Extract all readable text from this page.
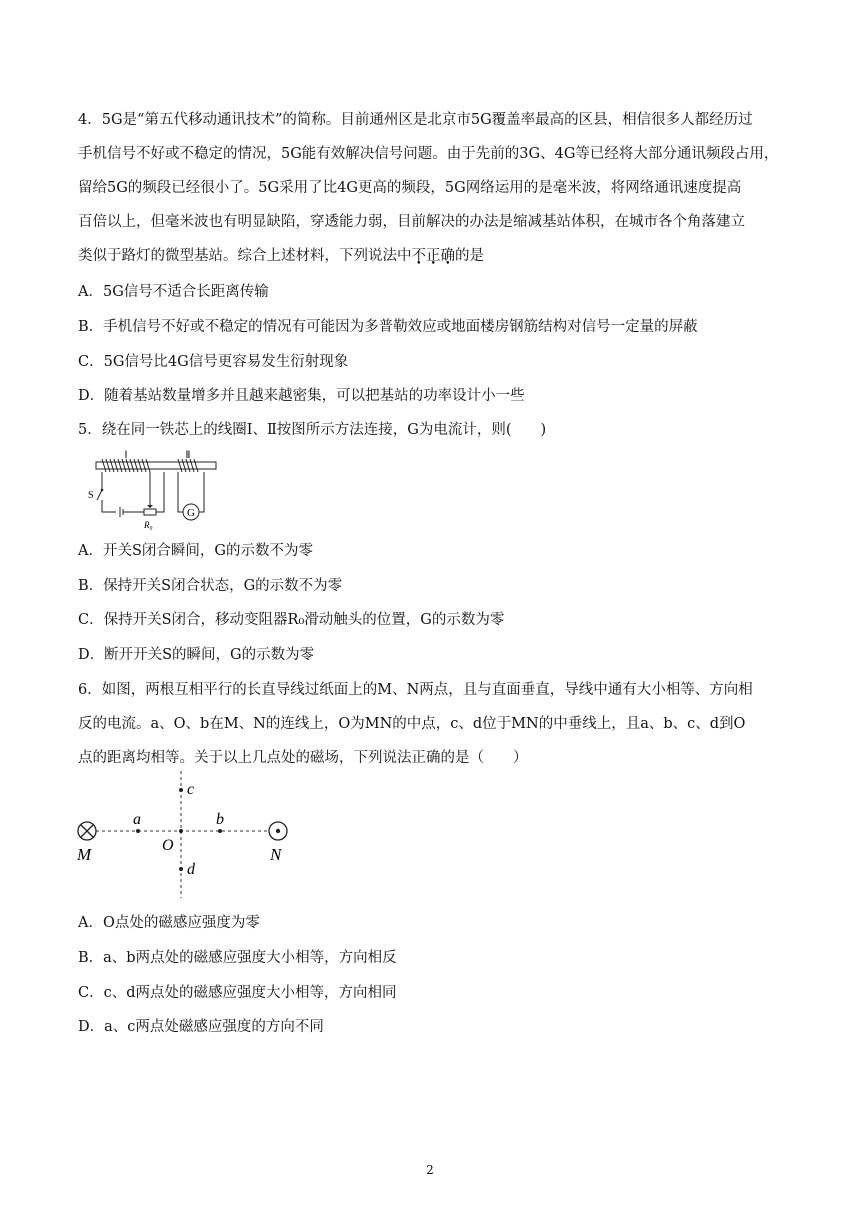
4．5G是“第五代移动通讯技术”的简称。目前通州区是北京市5G覆盖率最高的区县，相信很多人都经历过
手机信号不好或不稳定的情况，5G能有效解决信号问题。由于先前的3G、4G等已经将大部分通讯频段占用，
留给5G的频段已经很小了。5G采用了比4G更高的频段，5G网络运用的是毫米波，将网络通讯速度提高
百倍以上，但毫米波也有明显缺陷，穿透能力弱，目前解决的办法是缩减基站体积，在城市各个角落建立
类似于路灯的微型基站。综合上述材料，下列说法中不正确的是
A．5G信号不适合长距离传输
B．手机信号不好或不稳定的情况有可能因为多普勒效应或地面楼房钢筋结构对信号一定量的屏蔽
C．5G信号比4G信号更容易发生衍射现象
D．随着基站数量增多并且越来越密集，可以把基站的功率设计小一些
5．绕在同一铁芯上的线圈Ⅰ、Ⅱ按图所示方法连接，G为电流计，则(　　)
G
Ⅰ	Ⅱ
S
R₀
A．开关S闭合瞬间，G的示数不为零
B．保持开关S闭合状态，G的示数不为零
C．保持开关S闭合，移动变阻器R₀滑动触头的位置，G的示数为零
D．断开开关S的瞬间，G的示数为零
6．如图，两根互相平行的长直导线过纸面上的M、N两点，且与直面垂直，导线中通有大小相等、方向相
反的电流。a、O、b在M、N的连线上，O为MN的中点，c、d位于MN的中垂线上，且a、b、c、d到O
点的距离均相等。关于以上几点处的磁场，下列说法正确的是（　　）
M	N
O
a	b
c
d
A．O点处的磁感应强度为零
B．a、b两点处的磁感应强度大小相等，方向相反
C．c、d两点处的磁感应强度大小相等，方向相同
D．a、c两点处磁感应强度的方向不同
2
